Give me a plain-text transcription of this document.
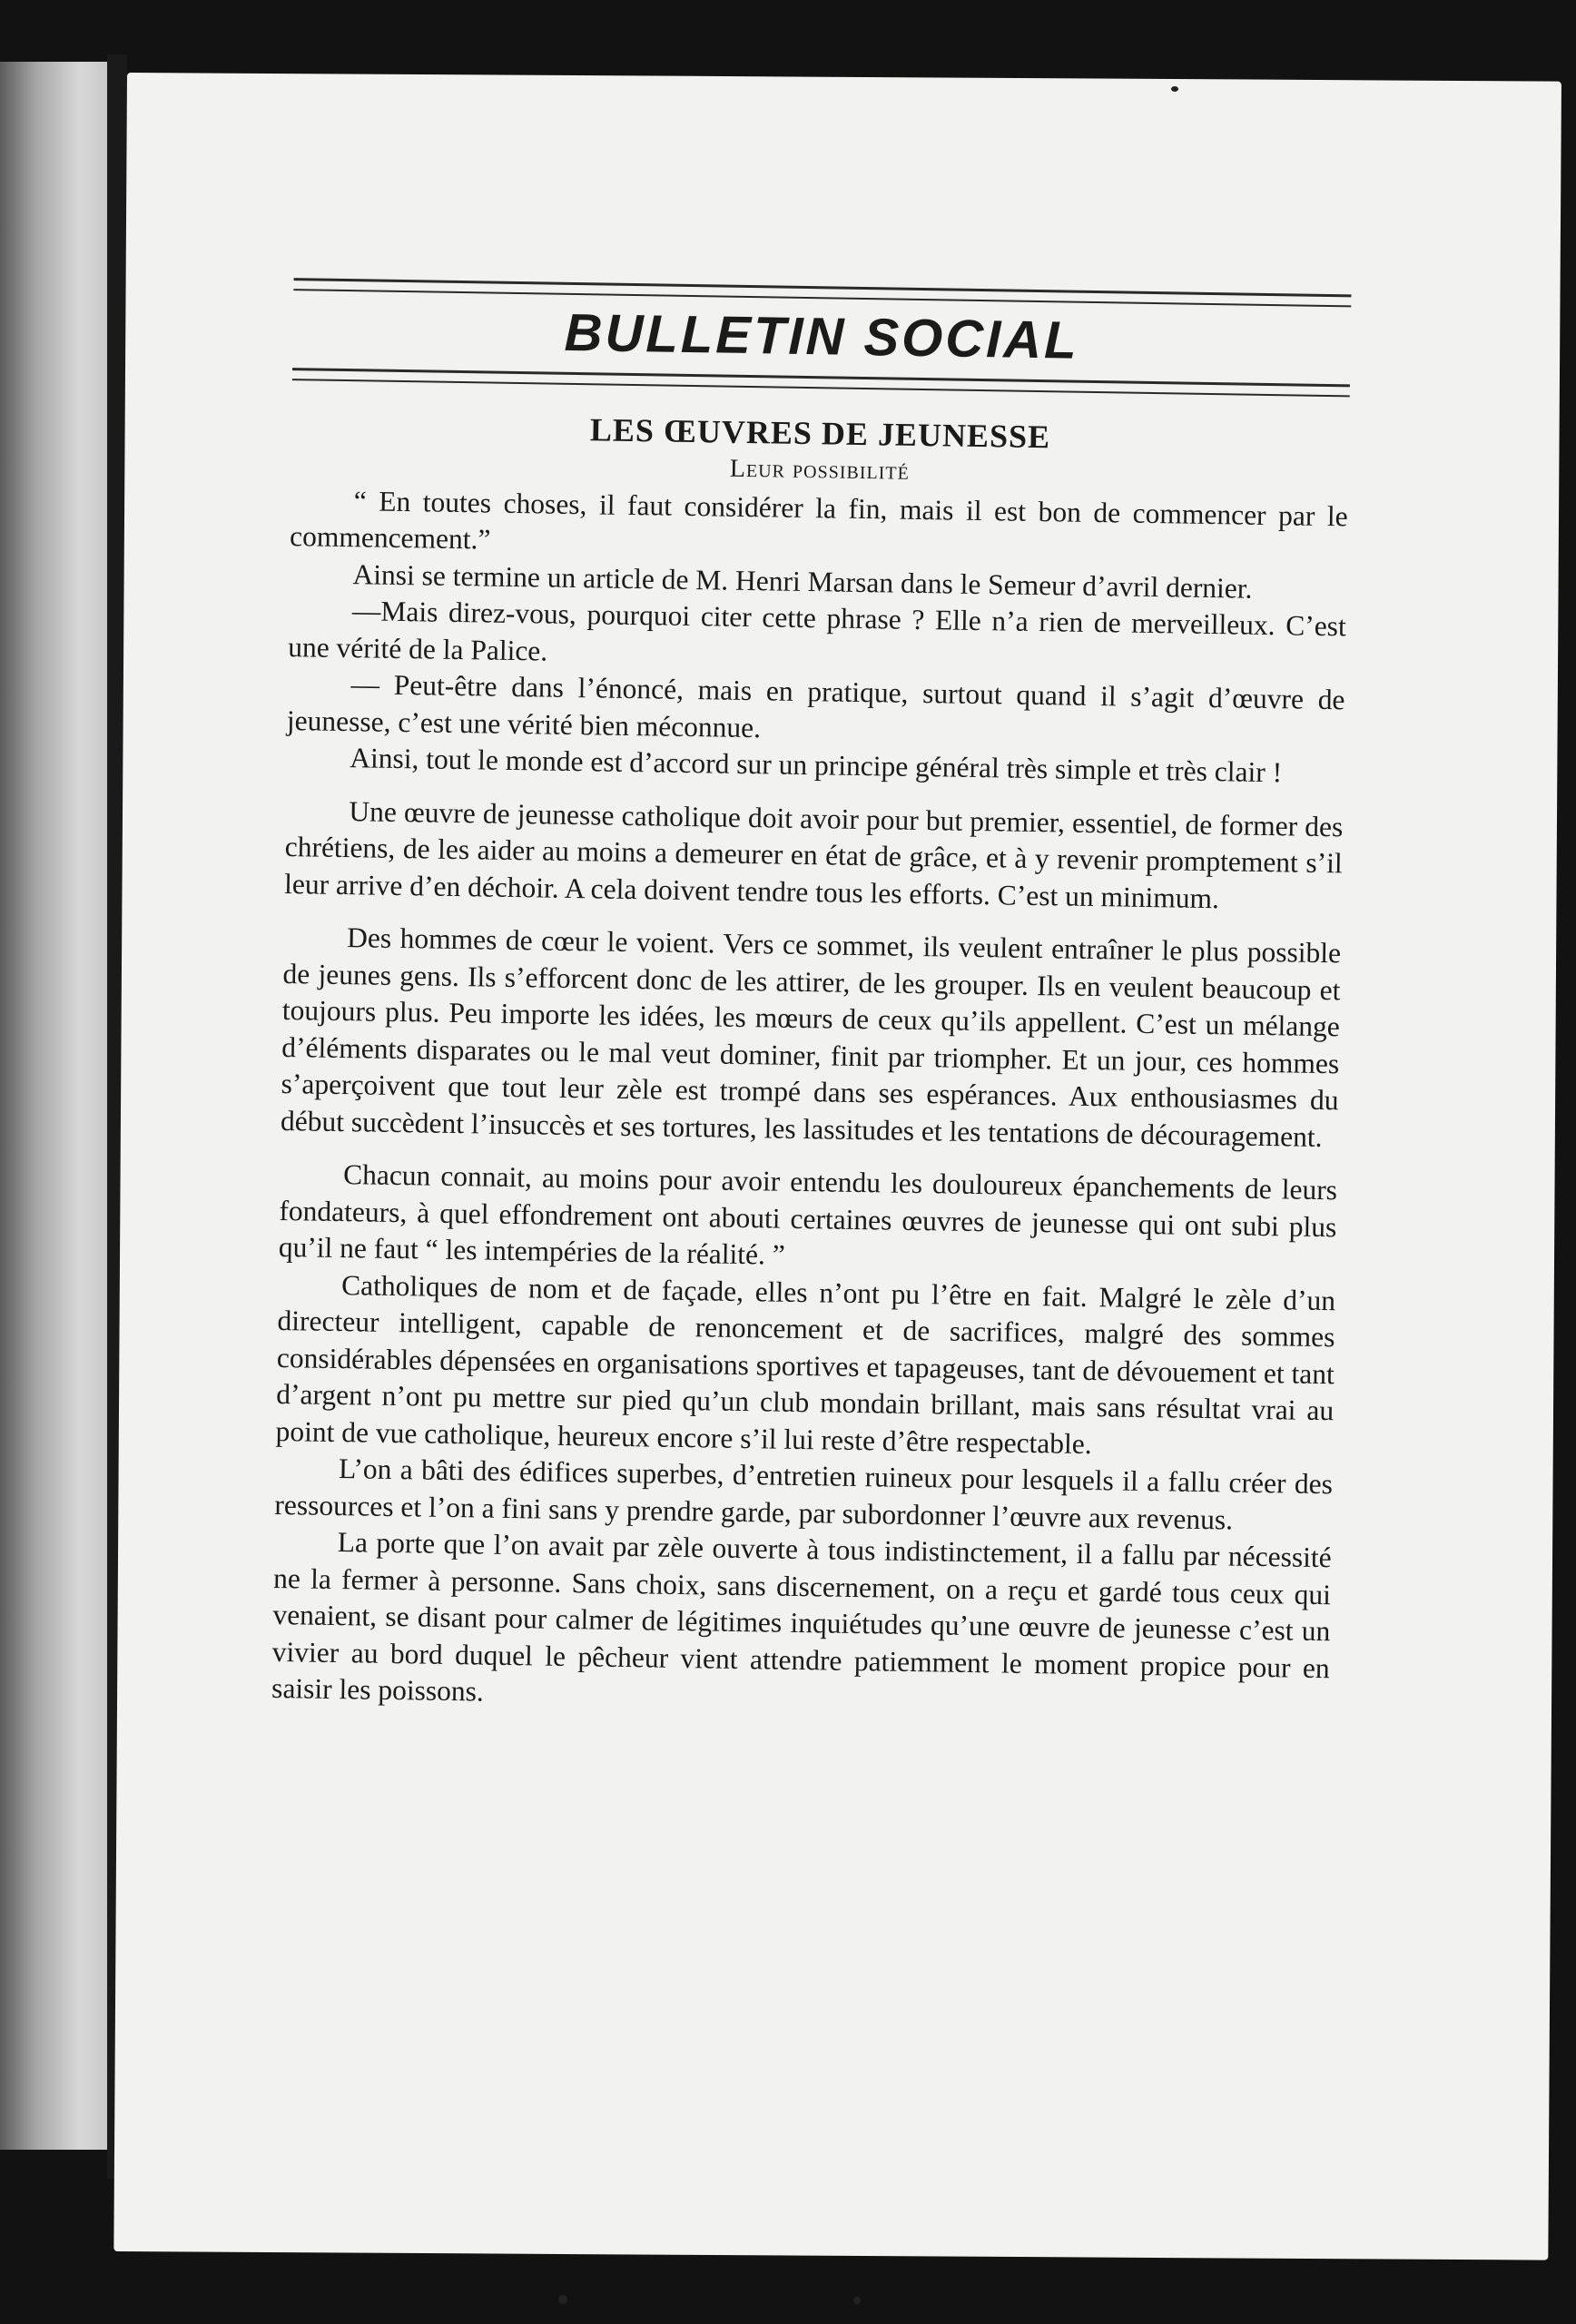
BULLETIN SOCIAL
LES ŒUVRES DE JEUNESSE
Leur possibilité

“ En toutes choses, il faut considérer la fin, mais il est bon de commencer par le commencement.”

Ainsi se termine un article de M. Henri Marsan dans le Semeur d’avril dernier.

—Mais direz-vous, pourquoi citer cette phrase ? Elle n’a rien de merveilleux. C’est une vérité de la Palice.

— Peut-être dans l’énoncé, mais en pratique, surtout quand il s’agit d’œuvre de jeunesse, c’est une vérité bien méconnue.

Ainsi, tout le monde est d’accord sur un principe général très simple et très clair !

Une œuvre de jeunesse catholique doit avoir pour but premier, essentiel, de former des chrétiens, de les aider au moins a demeurer en état de grâce, et à y revenir promptement s’il leur arrive d’en déchoir. A cela doivent tendre tous les efforts. C’est un minimum.

Des hommes de cœur le voient. Vers ce sommet, ils veulent entraîner le plus possible de jeunes gens. Ils s’efforcent donc de les attirer, de les grouper. Ils en veulent beaucoup et toujours plus. Peu importe les idées, les mœurs de ceux qu’ils appellent. C’est un mélange d’éléments disparates ou le mal veut dominer, finit par triompher. Et un jour, ces hommes s’aperçoivent que tout leur zèle est trompé dans ses espérances. Aux enthousiasmes du début succèdent l’insuccès et ses tortures, les lassitudes et les tentations de découragement.

Chacun connait, au moins pour avoir entendu les douloureux épanchements de leurs fondateurs, à quel effondrement ont abouti certaines œuvres de jeunesse qui ont subi plus qu’il ne faut “ les intempéries de la réalité. ”

Catholiques de nom et de façade, elles n’ont pu l’être en fait. Malgré le zèle d’un directeur intelligent, capable de renoncement et de sacrifices, malgré des sommes considérables dépensées en organisations sportives et tapageuses, tant de dévouement et tant d’argent n’ont pu mettre sur pied qu’un club mondain brillant, mais sans résultat vrai au point de vue catholique, heureux encore s’il lui reste d’être respectable.

L’on a bâti des édifices superbes, d’entretien ruineux pour lesquels il a fallu créer des ressources et l’on a fini sans y prendre garde, par subordonner l’œuvre aux revenus.

La porte que l’on avait par zèle ouverte à tous indistinctement, il a fallu par nécessité ne la fermer à personne. Sans choix, sans discernement, on a reçu et gardé tous ceux qui venaient, se disant pour calmer de légitimes inquiétudes qu’une œuvre de jeunesse c’est un vivier au bord duquel le pêcheur vient attendre patiemment le moment propice pour en saisir les poissons.
